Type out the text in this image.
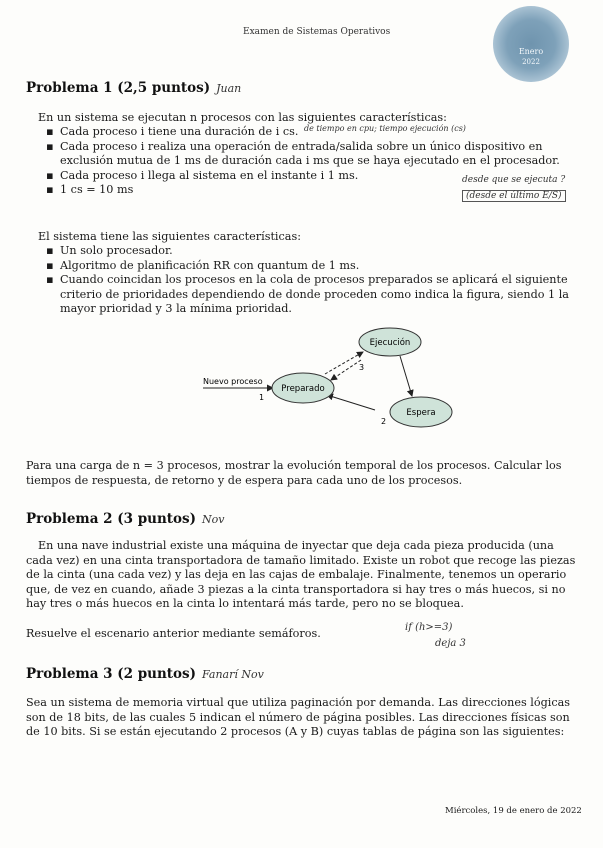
Examen de Sistemas Operativos
Enero
2022
Problema 1 (2,5 puntos) Juan
En un sistema se ejecutan n procesos con las siguientes características:
▪ Cada proceso i tiene una duración de i cs.
▪ Cada proceso i realiza una operación de entrada/salida sobre un único dispositivo en exclusión mutua de 1 ms de duración cada i ms que se haya ejecutado en el procesador.
▪ Cada proceso i llega al sistema en el instante i 1 ms.
▪ 1 cs = 10 ms
de tiempo en cpu; tiempo ejecución (cs)
desde que se ejecuta ?
(desde el último E/S)
El sistema tiene las siguientes características:
▪ Un solo procesador.
▪ Algoritmo de planificación RR con quantum de 1 ms.
▪ Cuando coincidan los procesos en la cola de procesos preparados se aplicará el siguiente criterio de prioridades dependiendo de donde proceden como indica la figura, siendo 1 la mayor prioridad y 3 la mínima prioridad.
Nuevo proceso
1
3
2
Ejecución
Preparado
Espera
Para una carga de n = 3 procesos, mostrar la evolución temporal de los procesos. Calcular los tiempos de respuesta, de retorno y de espera para cada uno de los procesos.
Problema 2 (3 puntos) Nov
En una nave industrial existe una máquina de inyectar que deja cada pieza producida (una cada vez) en una cinta transportadora de tamaño limitado. Existe un robot que recoge las piezas de la cinta (una cada vez) y las deja en las cajas de embalaje. Finalmente, tenemos un operario que, de vez en cuando, añade 3 piezas a la cinta transportadora si hay tres o más huecos, si no hay tres o más huecos en la cinta lo intentará más tarde, pero no se bloquea.
Resuelve el escenario anterior mediante semáforos.	if (h>=3)
deja 3
Problema 3 (2 puntos) Fanarí Nov
Sea un sistema de memoria virtual que utiliza paginación por demanda. Las direcciones lógicas son de 18 bits, de las cuales 5 indican el número de página posibles. Las direcciones físicas son de 10 bits. Si se están ejecutando 2 procesos (A y B) cuyas tablas de página son las siguientes:
Miércoles, 19 de enero de 2022
